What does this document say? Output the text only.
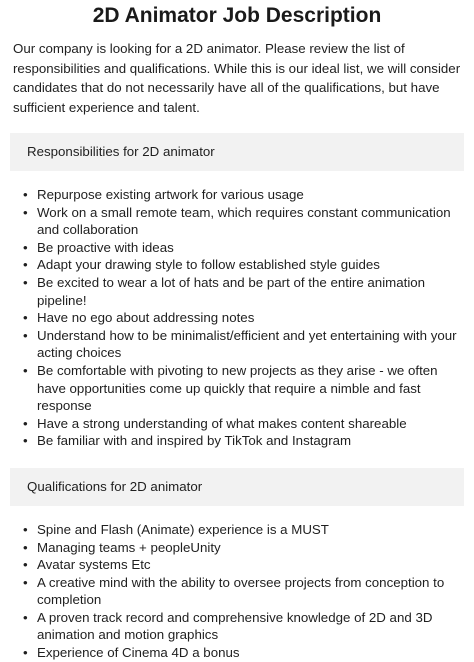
2D Animator Job Description

Our company is looking for a 2D animator. Please review the list of responsibilities and qualifications. While this is our ideal list, we will consider candidates that do not necessarily have all of the qualifications, but have sufficient experience and talent.

Responsibilities for 2D animator
• Repurpose existing artwork for various usage
• Work on a small remote team, which requires constant communication and collaboration
• Be proactive with ideas
• Adapt your drawing style to follow established style guides
• Be excited to wear a lot of hats and be part of the entire animation pipeline!
• Have no ego about addressing notes
• Understand how to be minimalist/efficient and yet entertaining with your acting choices
• Be comfortable with pivoting to new projects as they arise - we often have opportunities come up quickly that require a nimble and fast response
• Have a strong understanding of what makes content shareable
• Be familiar with and inspired by TikTok and Instagram
Qualifications for 2D animator
• Spine and Flash (Animate) experience is a MUST
• Managing teams + peopleUnity
• Avatar systems Etc
• A creative mind with the ability to oversee projects from conception to completion
• A proven track record and comprehensive knowledge of 2D and 3D animation and motion graphics
• Experience of Cinema 4D a bonus
